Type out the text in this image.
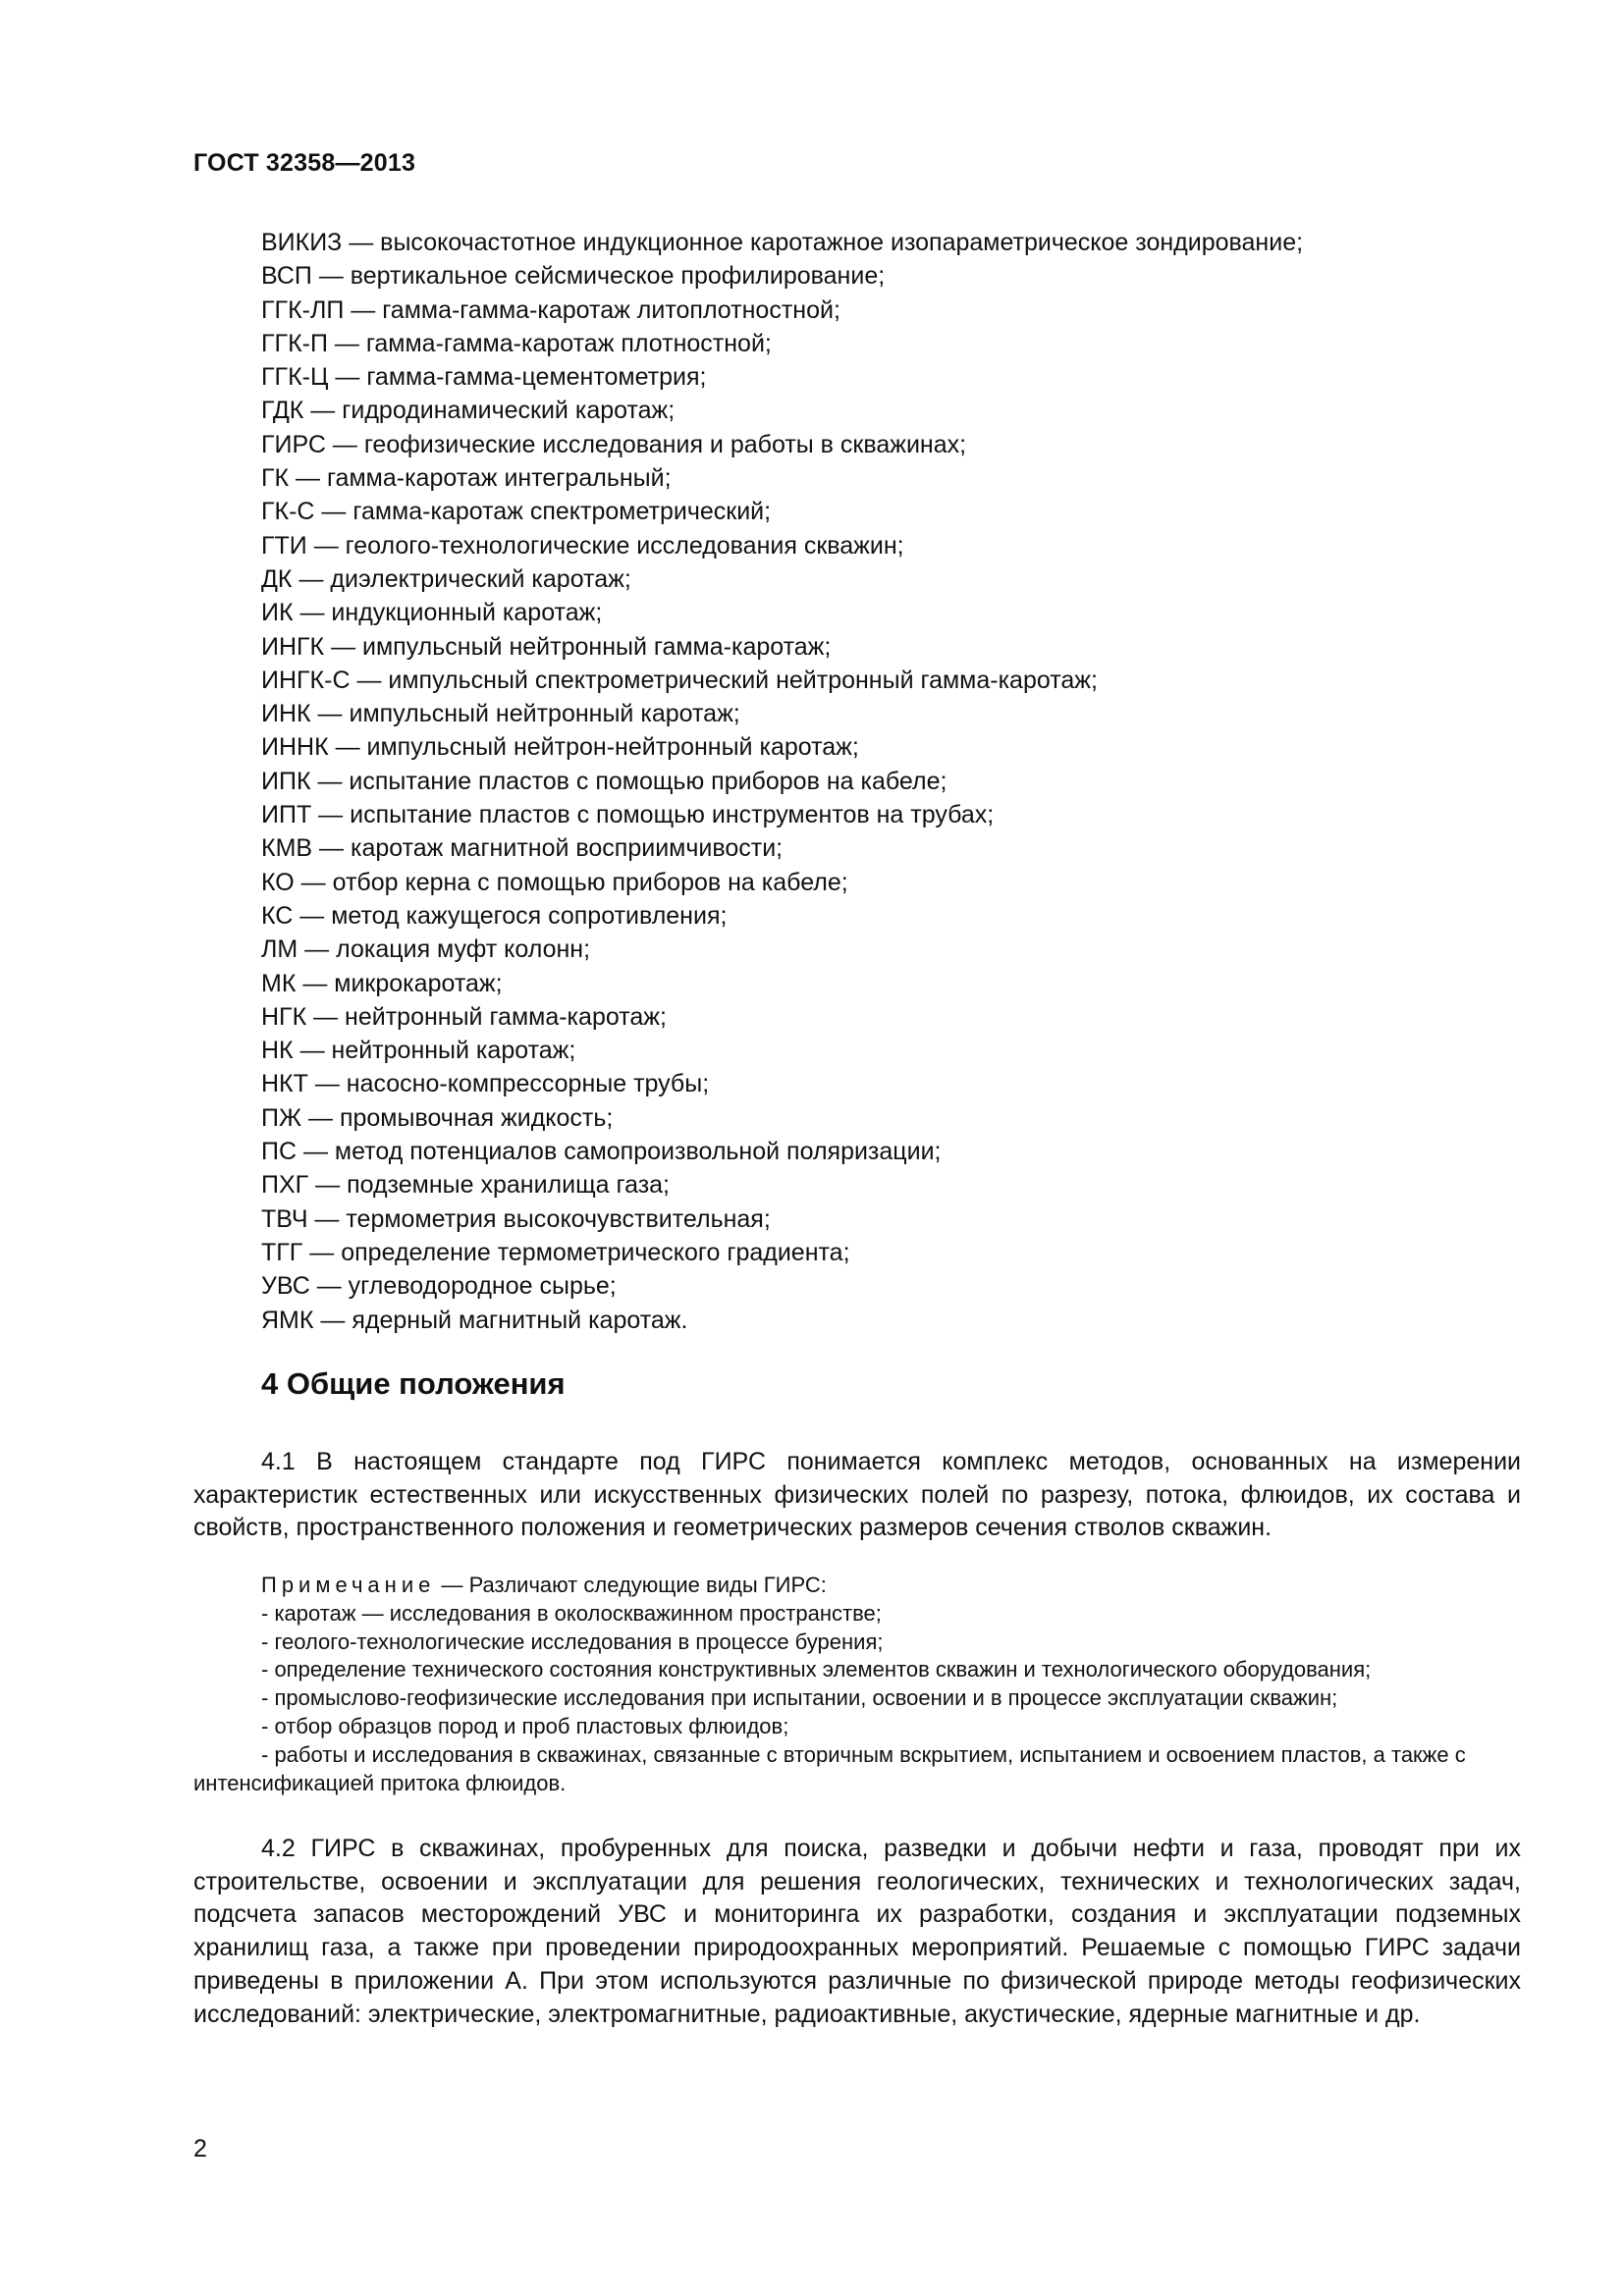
ГОСТ 32358—2013

ВИКИЗ — высокочастотное индукционное каротажное изопараметрическое зондирование;
ВСП — вертикальное сейсмическое профилирование;
ГГК-ЛП — гамма-гамма-каротаж литоплотностной;
ГГК-П — гамма-гамма-каротаж плотностной;
ГГК-Ц — гамма-гамма-цементометрия;
ГДК — гидродинамический каротаж;
ГИРС — геофизические исследования и работы в скважинах;
ГК — гамма-каротаж интегральный;
ГК-С — гамма-каротаж спектрометрический;
ГТИ — геолого-технологические исследования скважин;
ДК — диэлектрический каротаж;
ИК — индукционный каротаж;
ИНГК — импульсный нейтронный гамма-каротаж;
ИНГК-С — импульсный спектрометрический нейтронный гамма-каротаж;
ИНК — импульсный нейтронный каротаж;
ИННК — импульсный нейтрон-нейтронный каротаж;
ИПК — испытание пластов с помощью приборов на кабеле;
ИПТ — испытание пластов с помощью инструментов на трубах;
КМВ — каротаж магнитной восприимчивости;
КО — отбор керна с помощью приборов на кабеле;
КС — метод кажущегося сопротивления;
ЛМ — локация муфт колонн;
МК — микрокаротаж;
НГК — нейтронный гамма-каротаж;
НК — нейтронный каротаж;
НКТ — насосно-компрессорные трубы;
ПЖ — промывочная жидкость;
ПС — метод потенциалов самопроизвольной поляризации;
ПХГ — подземные хранилища газа;
ТВЧ — термометрия высокочувствительная;
ТГГ — определение термометрического градиента;
УВС — углеводородное сырье;
ЯМК — ядерный магнитный каротаж.
4 Общие положения

4.1 В настоящем стандарте под ГИРС понимается комплекс методов, основанных на измерении характеристик естественных или искусственных физических полей по разрезу, потока, флюидов, их состава и свойств, пространственного положения и геометрических размеров сечения стволов скважин.

Примечание — Различают следующие виды ГИРС:
- каротаж — исследования в околоскважинном пространстве;
- геолого-технологические исследования в процессе бурения;
- определение технического состояния конструктивных элементов скважин и технологического оборудования;
- промыслово-геофизические исследования при испытании, освоении и в процессе эксплуатации скважин;
- отбор образцов пород и проб пластовых флюидов;
- работы и исследования в скважинах, связанные с вторичным вскрытием, испытанием и освоением пластов, а также с интенсификацией притока флюидов.

4.2 ГИРС в скважинах, пробуренных для поиска, разведки и добычи нефти и газа, проводят при их строительстве, освоении и эксплуатации для решения геологических, технических и технологических задач, подсчета запасов месторождений УВС и мониторинга их разработки, создания и эксплуатации подземных хранилищ газа, а также при проведении природоохранных мероприятий. Решаемые с помощью ГИРС задачи приведены в приложении А. При этом используются различные по физической природе методы геофизических исследований: электрические, электромагнитные, радиоактивные, акустические, ядерные магнитные и др.

2
